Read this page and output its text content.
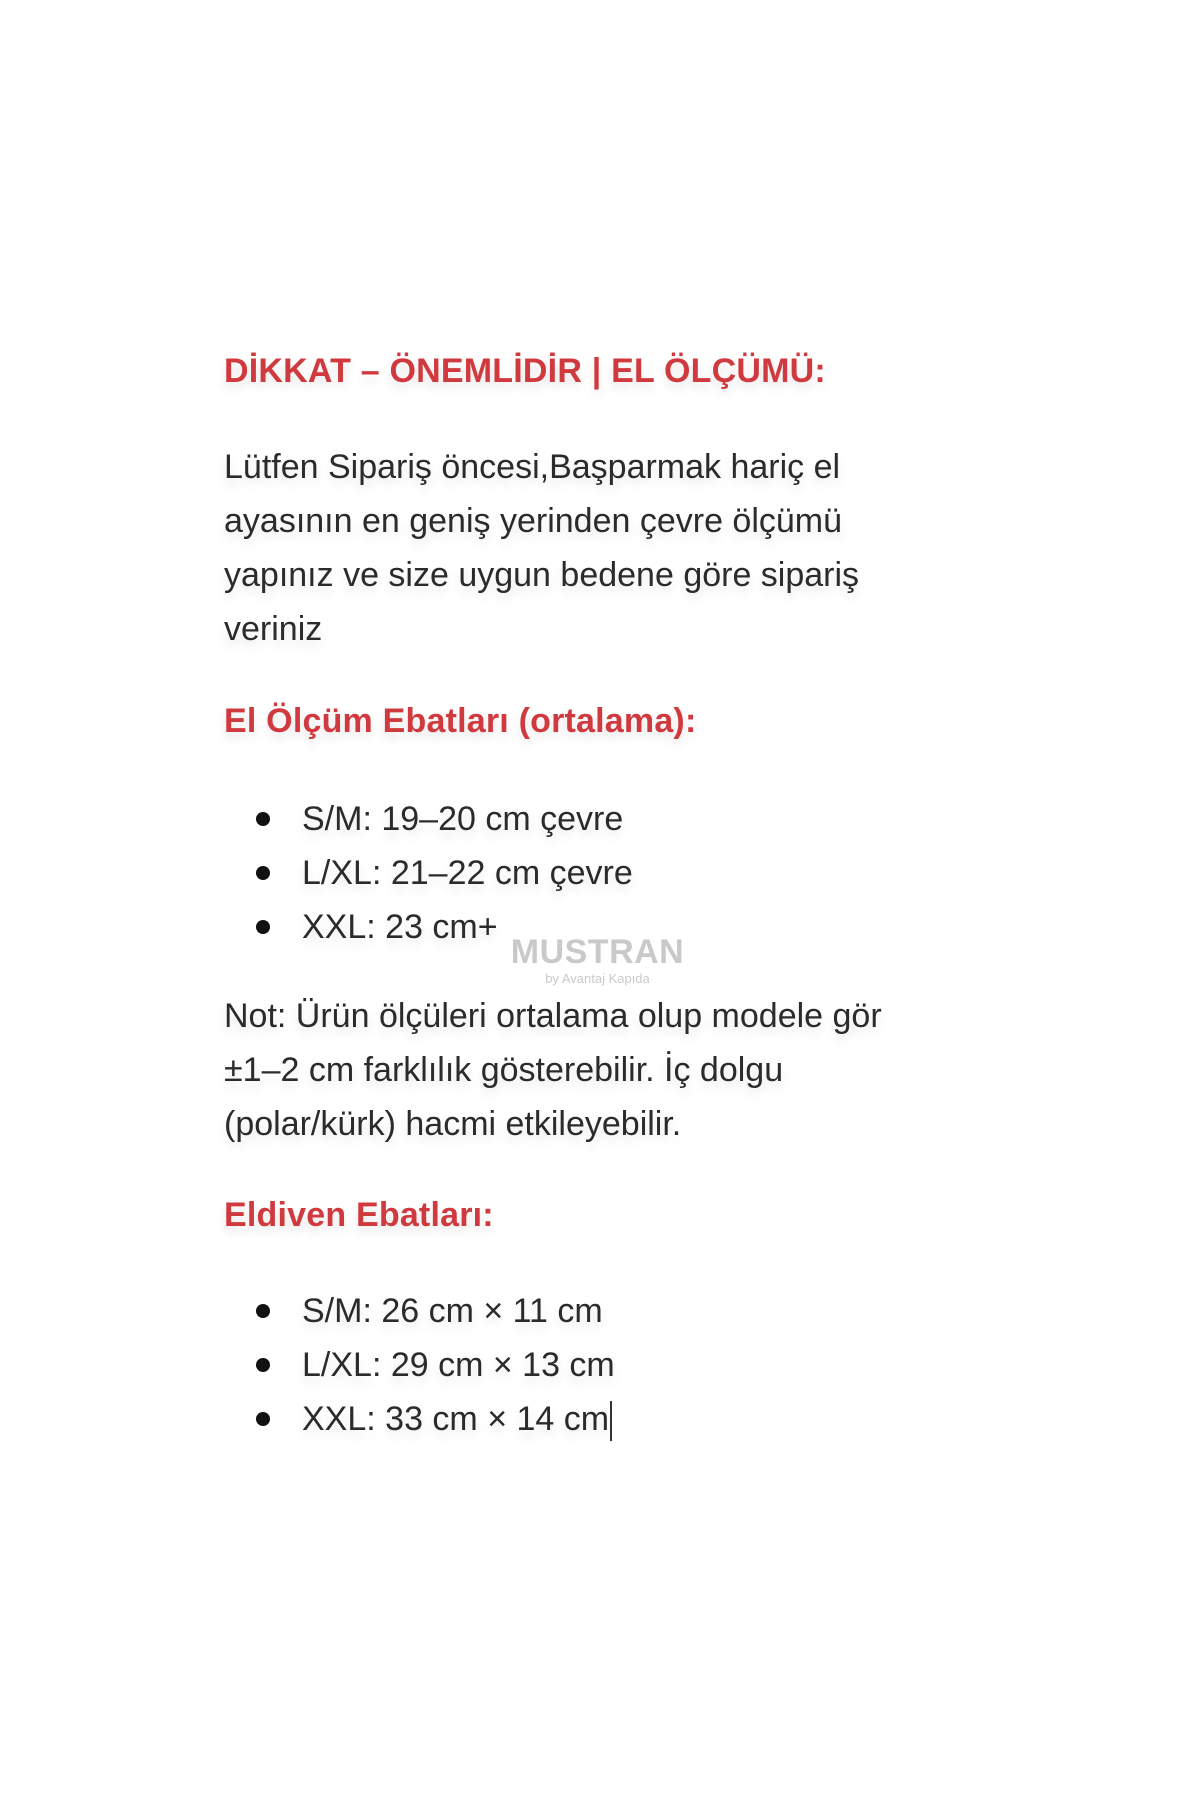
DİKKAT – ÖNEMLİDİR | EL ÖLÇÜMÜ:

Lütfen Sipariş öncesi,Başparmak hariç el
ayasının en geniş yerinden çevre ölçümü
yapınız ve size uygun bedene göre sipariş
veriniz

El Ölçüm Ebatları (ortalama):
S/M: 19–20 cm çevre
L/XL: 21–22 cm çevre
XXL: 23 cm+

Not: Ürün ölçüleri ortalama olup modele gör
±1–2 cm farklılık gösterebilir. İç dolgu
(polar/kürk) hacmi etkileyebilir.

Eldiven Ebatları:
S/M: 26 cm × 11 cm
L/XL: 29 cm × 13 cm
XXL: 33 cm × 14 cm
MUSTRAN
by Avantaj Kapıda
